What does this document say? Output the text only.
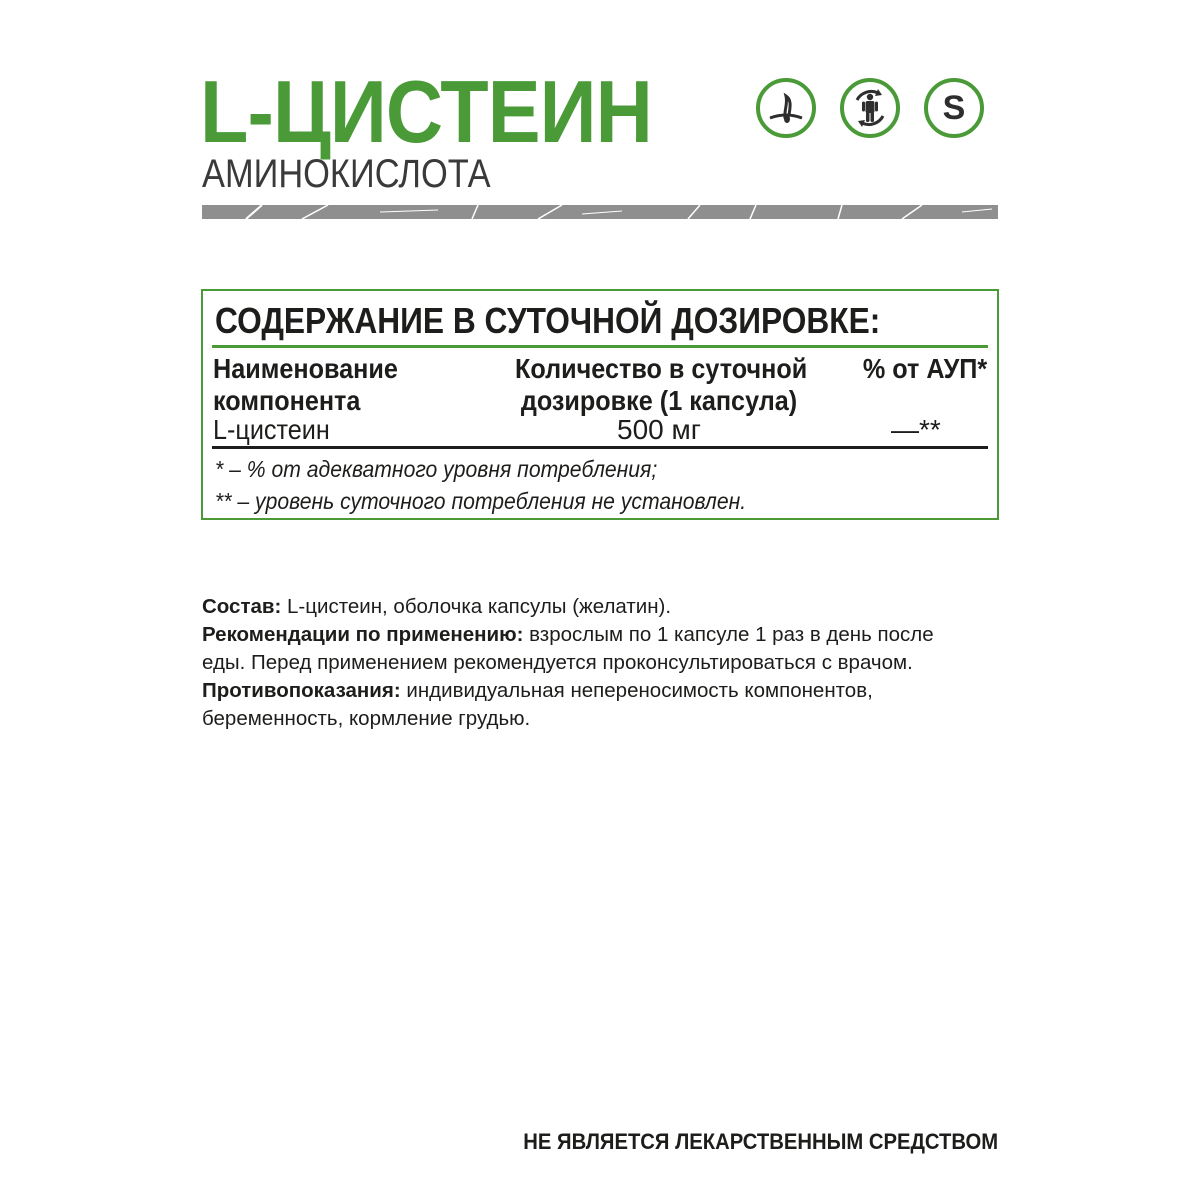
L-ЦИСТЕИН
АМИНОКИСЛОТА
S
СОДЕРЖАНИЕ В СУТОЧНОЙ ДОЗИРОВКЕ:
Наименование
компонента
Количество в суточной
дозировке (1 капсула)
% от АУП*
L-цистеин	500 мг	—**
* – % от адекватного уровня потребления;
** – уровень суточного потребления не установлен.

Состав: L-цистеин, оболочка капсулы (желатин).

Рекомендации по применению: взрослым по 1 капсуле 1 раз в день после еды. Перед применением рекомендуется проконсультироваться с врачом.

Противопоказания: индивидуальная непереносимость компонентов, беременность, кормление грудью.

НЕ ЯВЛЯЕТСЯ ЛЕКАРСТВЕННЫМ СРЕДСТВОМ
